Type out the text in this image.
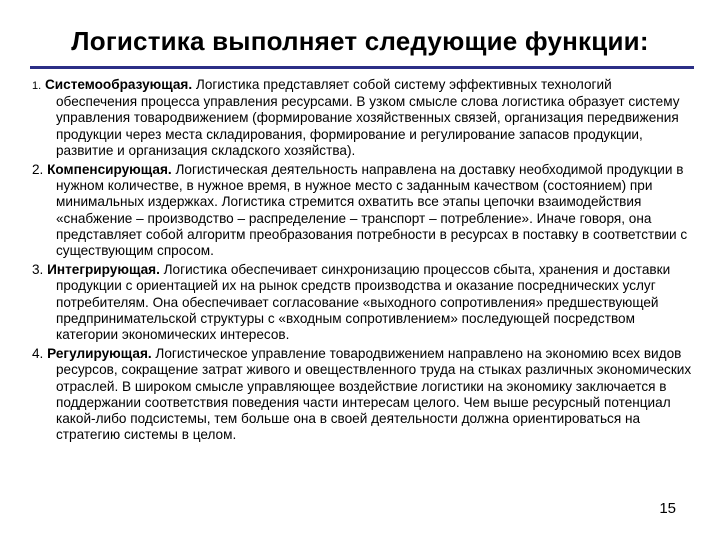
Логистика выполняет следующие функции:

1. Системообразующая. Логистика представляет собой систему эффективных технологий обеспечения процесса управления ресурсами. В узком смысле слова логистика образует систему управления товародвижением (формирование хозяйственных связей, организация передвижения продукции через места складирования, формирование и регулирование запасов продукции, развитие и организация складского хозяйства).

2. Компенсирующая. Логистическая деятельность направлена на доставку необходимой продукции в нужном количестве, в нужное время, в нужное место с заданным качеством (состоянием) при минимальных издержках. Логистика стремится охватить все этапы цепочки взаимодействия «снабжение – производство – распределение – транспорт – потребление». Иначе говоря, она представляет собой алгоритм преобразования потребности в ресурсах в поставку в соответствии с существующим спросом.

3. Интегрирующая. Логистика обеспечивает синхронизацию процессов сбыта, хранения и доставки продукции с ориентацией их на рынок средств производства и оказание посреднических услуг потребителям. Она обеспечивает согласование «выходного сопротивления» предшествующей предпринимательской структуры с «входным сопротивлением» последующей посредством категории экономических интересов.

4. Регулирующая. Логистическое управление товародвижением направлено на экономию всех видов ресурсов, сокращение затрат живого и овеществленного труда на стыках различных экономических отраслей. В широком смысле управляющее воздействие логистики на экономику заключается в поддержании соответствия поведения части интересам целого. Чем выше ресурсный потенциал какой-либо подсистемы, тем больше она в своей деятельности должна ориентироваться на стратегию системы в целом.

15
